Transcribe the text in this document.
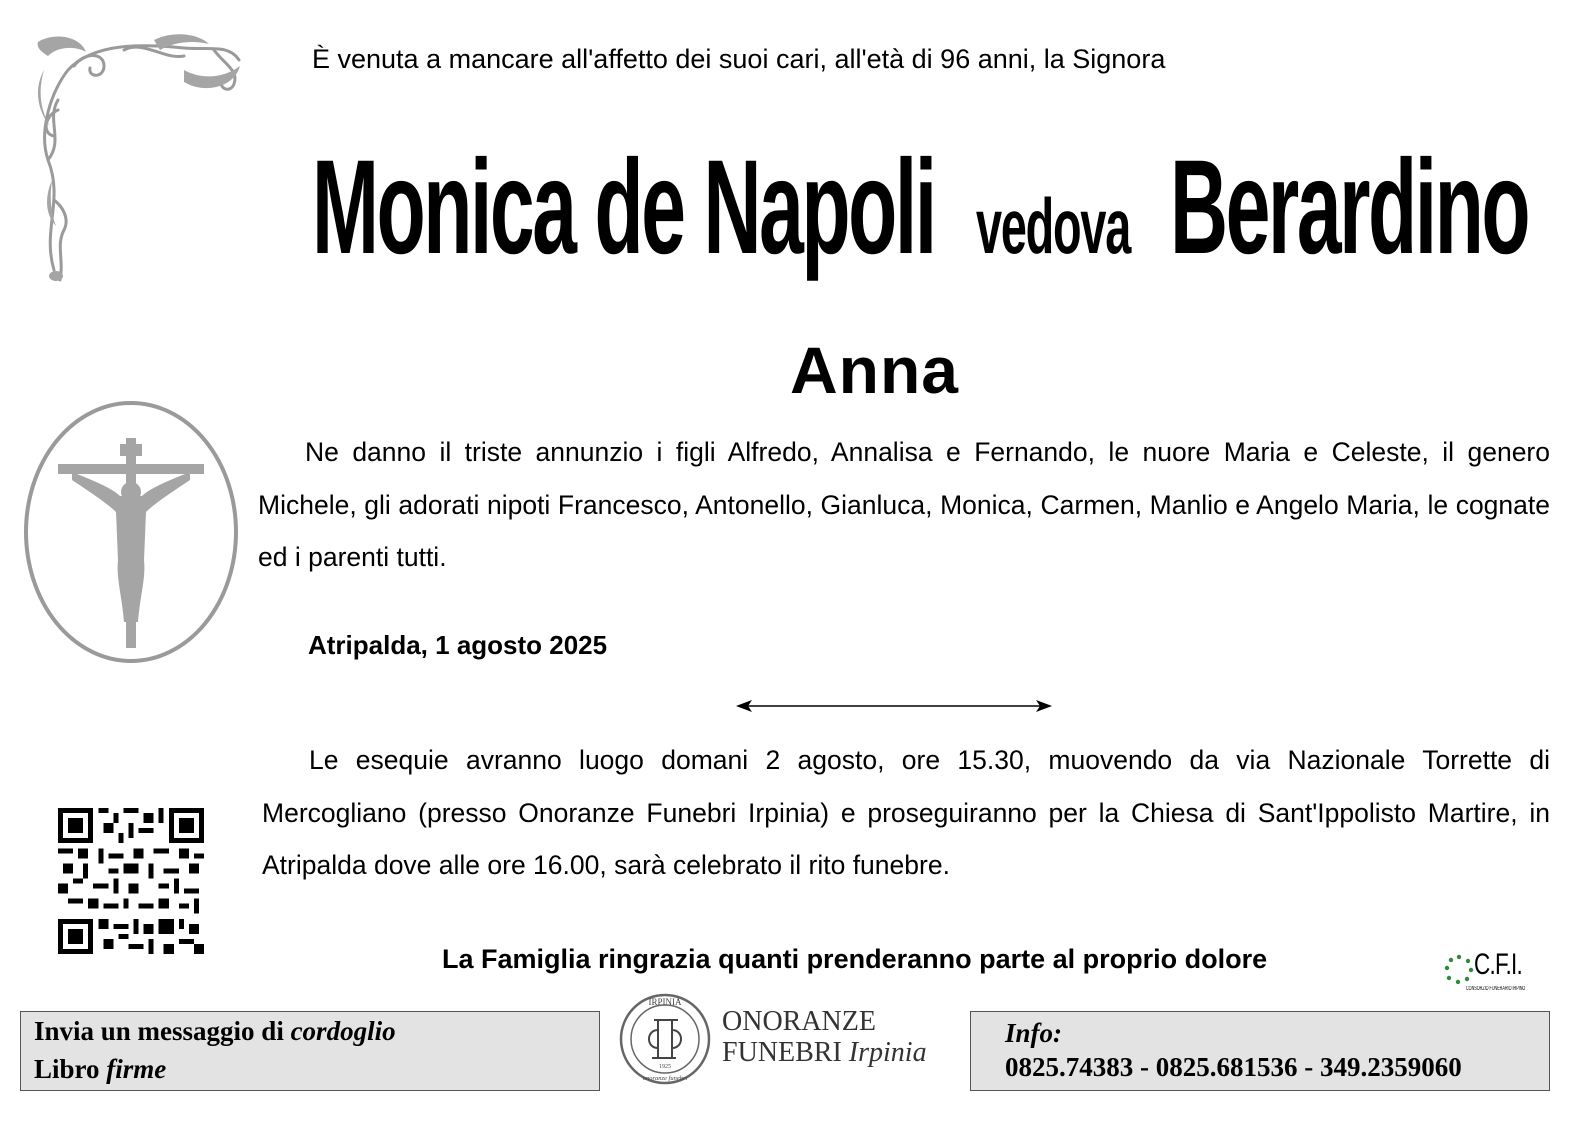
È venuta a mancare all'affetto dei suoi cari, all'età di 96 anni, la Signora
Monica de Napoli vedova Berardino
Anna
Ne danno il triste annunzio i figli Alfredo, Annalisa e Fernando, le nuore Maria e Celeste, il genero Michele, gli adorati nipoti Francesco, Antonello, Gianluca, Monica, Carmen, Manlio e Angelo Maria, le cognate ed i parenti tutti.
Atripalda, 1 agosto 2025
Le esequie avranno luogo domani 2 agosto, ore 15.30, muovendo da via Nazionale Torrette di Mercogliano (presso Onoranze Funebri Irpinia) e proseguiranno per la Chiesa di Sant'Ippolisto Martire, in Atripalda dove alle ore 16.00, sarà celebrato il rito funebre.
La Famiglia ringrazia quanti prenderanno parte al proprio dolore	C.F.I.
CONSORZIO FUNERARIO IRPINO
Invia un messaggio di cordoglio
Libro firme
IRPINIA
onoranze funebri
1925
ONORANZE
FUNEBRI Irpinia
Info:
0825.74383 - 0825.681536 - 349.2359060
